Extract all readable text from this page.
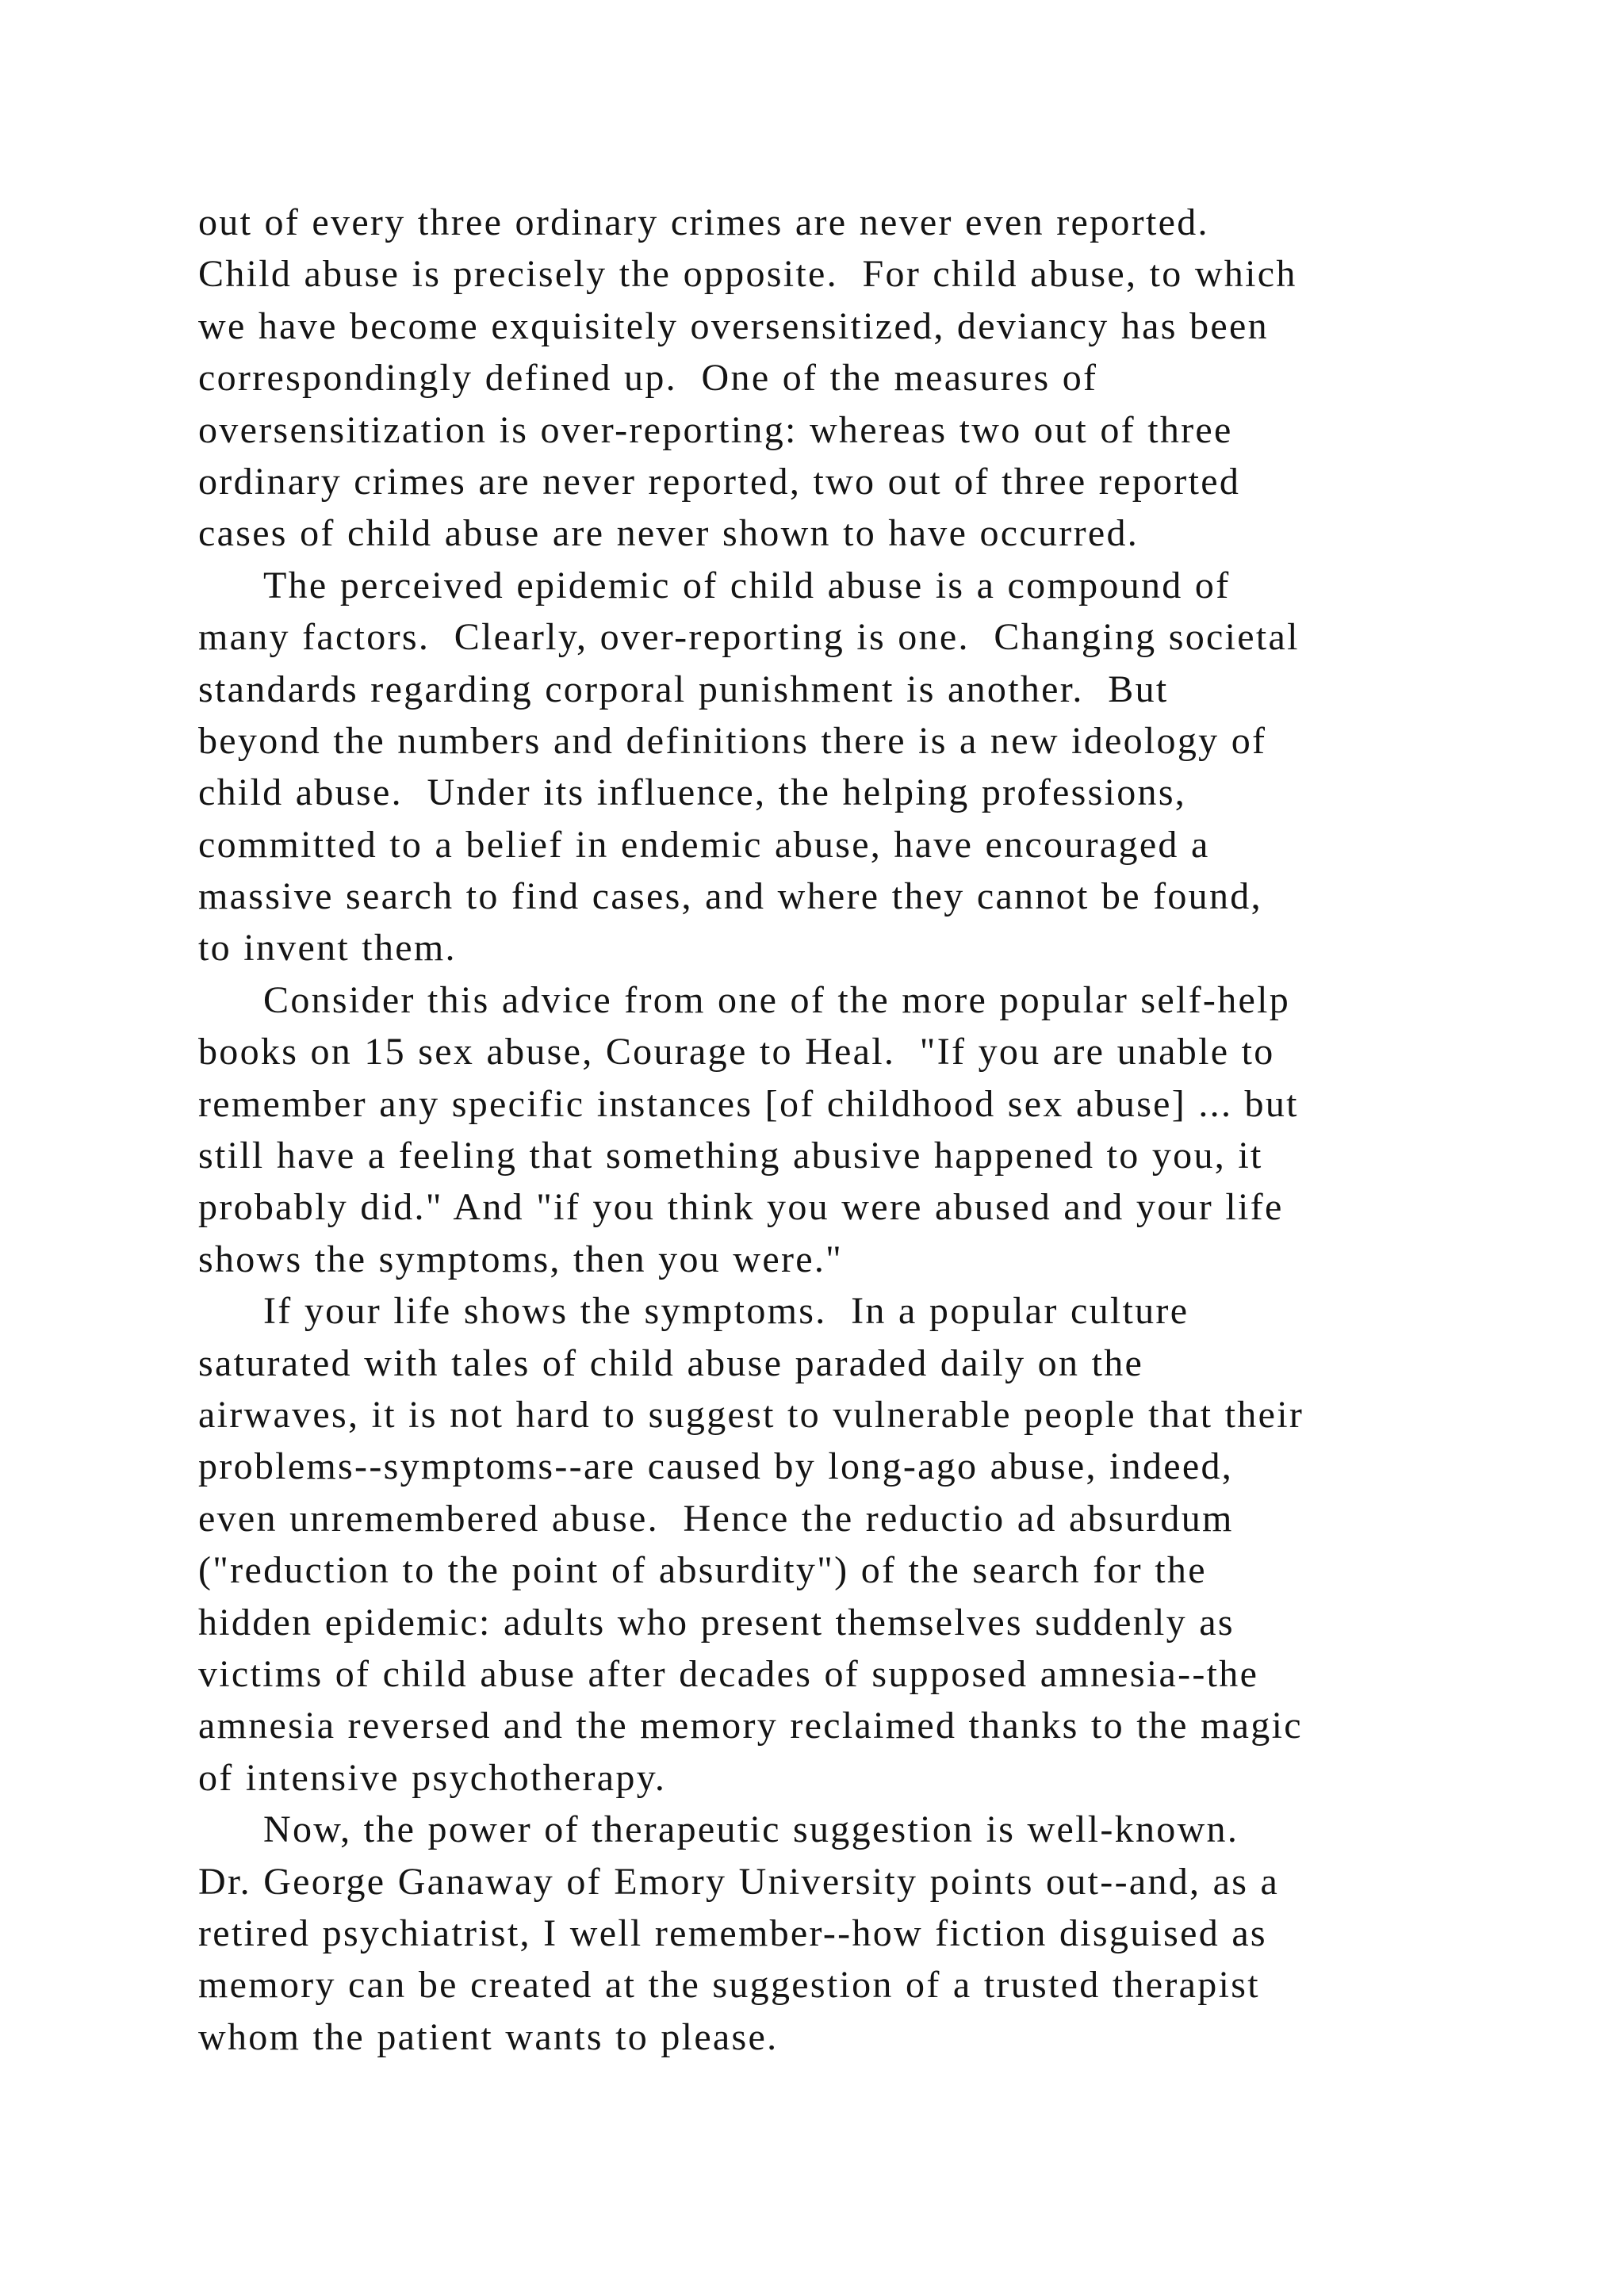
out of every three ordinary crimes are never even reported.
Child abuse is precisely the opposite.  For child abuse, to which
we have become exquisitely oversensitized, deviancy has been
correspondingly defined up.  One of the measures of
oversensitization is over-reporting: whereas two out of three
ordinary crimes are never reported, two out of three reported
cases of child abuse are never shown to have occurred.
The perceived epidemic of child abuse is a compound of
many factors.  Clearly, over-reporting is one.  Changing societal
standards regarding corporal punishment is another.  But
beyond the numbers and definitions there is a new ideology of
child abuse.  Under its influence, the helping professions,
committed to a belief in endemic abuse, have encouraged a
massive search to find cases, and where they cannot be found,
to invent them.
Consider this advice from one of the more popular self-help
books on 15 sex abuse, Courage to Heal.  "If you are unable to
remember any specific instances [of childhood sex abuse] ... but
still have a feeling that something abusive happened to you, it
probably did." And "if you think you were abused and your life
shows the symptoms, then you were."
If your life shows the symptoms.  In a popular culture
saturated with tales of child abuse paraded daily on the
airwaves, it is not hard to suggest to vulnerable people that their
problems--symptoms--are caused by long-ago abuse, indeed,
even unremembered abuse.  Hence the reductio ad absurdum
("reduction to the point of absurdity") of the search for the
hidden epidemic: adults who present themselves suddenly as
victims of child abuse after decades of supposed amnesia--the
amnesia reversed and the memory reclaimed thanks to the magic
of intensive psychotherapy.
Now, the power of therapeutic suggestion is well-known.
Dr. George Ganaway of Emory University points out--and, as a
retired psychiatrist, I well remember--how fiction disguised as
memory can be created at the suggestion of a trusted therapist
whom the patient wants to please.
